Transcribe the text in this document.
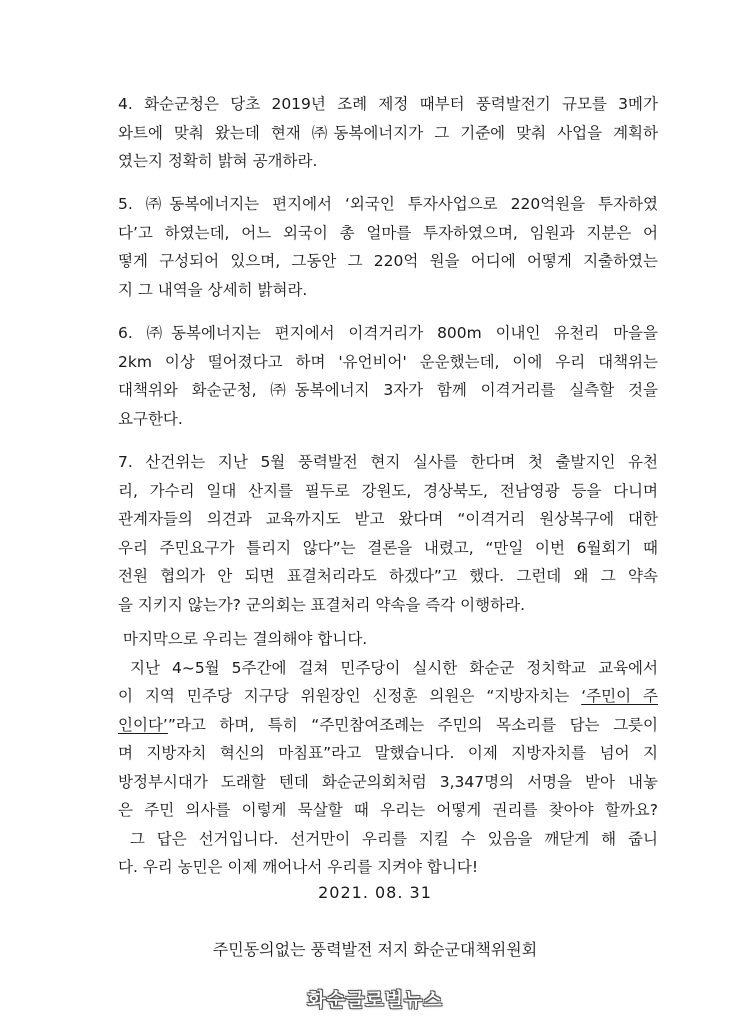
4. 화순군청은 당초 2019년 조례 제정 때부터 풍력발전기 규모를 3메가
와트에 맞춰 왔는데 현재 ㈜동복에너지가 그 기준에 맞춰 사업을 계획하
였는지 정확히 밝혀 공개하라.
5. ㈜동복에너지는 편지에서 ‘외국인 투자사업으로 220억원을 투자하였
다’고 하였는데, 어느 외국이 총 얼마를 투자하였으며, 임원과 지분은 어
떻게 구성되어 있으며, 그동안 그 220억 원을 어디에 어떻게 지출하였는
지 그 내역을 상세히 밝혀라.
6. ㈜동복에너지는 편지에서 이격거리가 800m 이내인 유천리 마을을
2km 이상 떨어졌다고 하며 '유언비어' 운운했는데, 이에 우리 대책위는
대책위와 화순군청, ㈜동복에너지 3자가 함께 이격거리를 실측할 것을
요구한다.
7. 산건위는 지난 5월 풍력발전 현지 실사를 한다며 첫 출발지인 유천
리, 가수리 일대 산지를 필두로 강원도, 경상북도, 전남영광 등을 다니며
관계자들의 의견과 교육까지도 받고 왔다며 “이격거리 원상복구에 대한
우리 주민요구가 틀리지 않다”는 결론을 내렸고, “만일 이번 6월회기 때
전원 협의가 안 되면 표결처리라도 하겠다”고 했다. 그런데 왜 그 약속
을 지키지 않는가? 군의회는 표결처리 약속을 즉각 이행하라.
마지막으로 우리는 결의해야 합니다.
지난 4~5월 5주간에 걸쳐 민주당이 실시한 화순군 정치학교 교육에서
이 지역 민주당 지구당 위원장인 신정훈 의원은 “지방자치는 ‘주민이 주
인이다’”라고 하며, 특히 “주민참여조례는 주민의 목소리를 담는 그릇이
며 지방자치 혁신의 마침표”라고 말했습니다. 이제 지방자치를 넘어 지
방정부시대가 도래할 텐데 화순군의회처럼 3,347명의 서명을 받아 내놓
은 주민 의사를 이렇게 묵살할 때 우리는 어떻게 권리를 찾아야 할까요?
그 답은 선거입니다. 선거만이 우리를 지킬 수 있음을 깨닫게 해 줍니
다. 우리 농민은 이제 깨어나서 우리를 지켜야 합니다!
2021. 08. 31
주민동의없는 풍력발전 저지 화순군대책위원회
화순글로벌뉴스
